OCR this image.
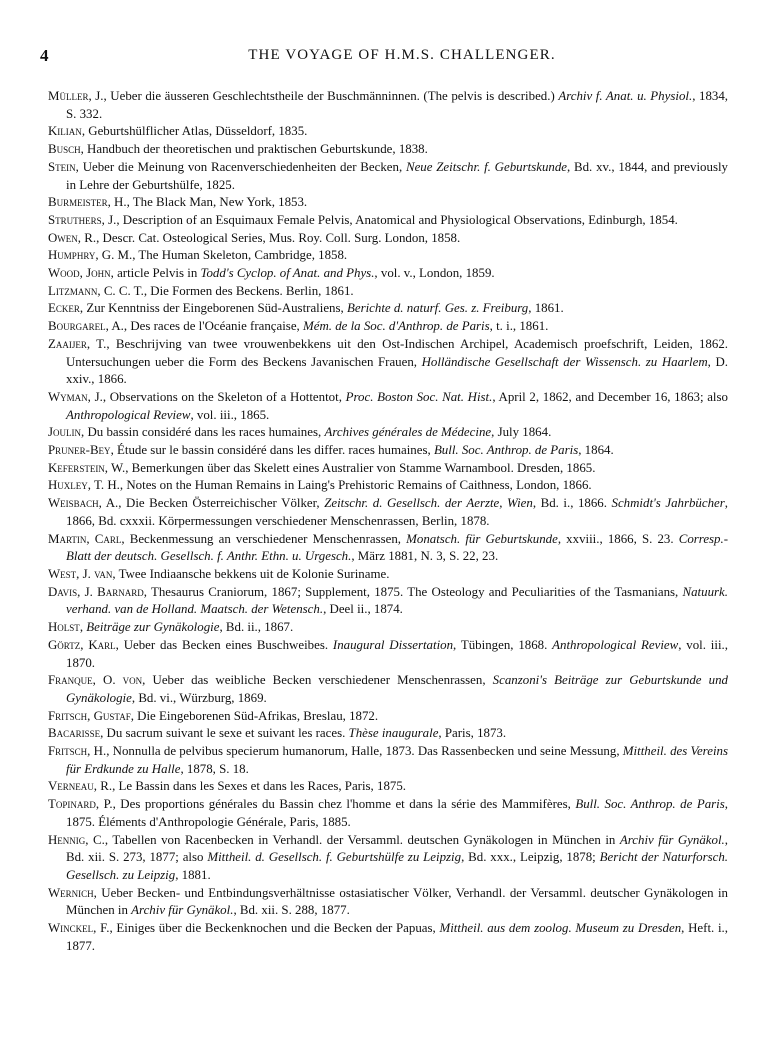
4	THE VOYAGE OF H.M.S. CHALLENGER.
Müller, J., Ueber die äusseren Geschlechtstheile der Buschmänninnen. (The pelvis is described.) Archiv f. Anat. u. Physiol., 1834, S. 332.
Kilian, Geburtshülflicher Atlas, Düsseldorf, 1835.
Busch, Handbuch der theoretischen und praktischen Geburtskunde, 1838.
Stein, Ueber die Meinung von Racenverschiedenheiten der Becken, Neue Zeitschr. f. Geburtskunde, Bd. xv., 1844, and previously in Lehre der Geburtshülfe, 1825.
Burmeister, H., The Black Man, New York, 1853.
Struthers, J., Description of an Esquimaux Female Pelvis, Anatomical and Physiological Observations, Edinburgh, 1854.
Owen, R., Descr. Cat. Osteological Series, Mus. Roy. Coll. Surg. London, 1858.
Humphry, G. M., The Human Skeleton, Cambridge, 1858.
Wood, John, article Pelvis in Todd's Cyclop. of Anat. and Phys., vol. v., London, 1859.
Litzmann, C. C. T., Die Formen des Beckens. Berlin, 1861.
Ecker, Zur Kenntniss der Eingeborenen Süd-Australiens, Berichte d. naturf. Ges. z. Freiburg, 1861.
Bourgarel, A., Des races de l'Océanie française, Mém. de la Soc. d'Anthrop. de Paris, t. i., 1861.
Zaaijer, T., Beschrijving van twee vrouwenbekkens uit den Ost-Indischen Archipel, Academisch proefschrift, Leiden, 1862. Untersuchungen ueber die Form des Beckens Javanischen Frauen, Holländische Gesellschaft der Wissensch. zu Haarlem, D. xxiv., 1866.
Wyman, J., Observations on the Skeleton of a Hottentot, Proc. Boston Soc. Nat. Hist., April 2, 1862, and December 16, 1863; also Anthropological Review, vol. iii., 1865.
Joulin, Du bassin considéré dans les races humaines, Archives générales de Médecine, July 1864.
Pruner-Bey, Étude sur le bassin considéré dans les differ. races humaines, Bull. Soc. Anthrop. de Paris, 1864.
Keferstein, W., Bemerkungen über das Skelett eines Australier von Stamme Warnambool. Dresden, 1865.
Huxley, T. H., Notes on the Human Remains in Laing's Prehistoric Remains of Caithness, London, 1866.
Weisbach, A., Die Becken Österreichischer Völker, Zeitschr. d. Gesellsch. der Aerzte, Wien, Bd. i., 1866. Schmidt's Jahrbücher, 1866, Bd. cxxxii. Körpermessungen verschiedener Menschenrassen, Berlin, 1878.
Martin, Carl, Beckenmessung an verschiedener Menschenrassen, Monatsch. für Geburtskunde, xxviii., 1866, S. 23. Corresp.-Blatt der deutsch. Gesellsch. f. Anthr. Ethn. u. Urgesch., März 1881, N. 3, S. 22, 23.
West, J. van, Twee Indiaansche bekkens uit de Kolonie Suriname.
Davis, J. Barnard, Thesaurus Craniorum, 1867; Supplement, 1875. The Osteology and Peculiarities of the Tasmanians, Natuurk. verhand. van de Holland. Maatsch. der Wetensch., Deel ii., 1874.
Holst, Beiträge zur Gynäkologie, Bd. ii., 1867.
Görtz, Karl, Ueber das Becken eines Buschweibes. Inaugural Dissertation, Tübingen, 1868. Anthropological Review, vol. iii., 1870.
Franque, O. von, Ueber das weibliche Becken verschiedener Menschenrassen, Scanzoni's Beiträge zur Geburtskunde und Gynäkologie, Bd. vi., Würzburg, 1869.
Fritsch, Gustaf, Die Eingeborenen Süd-Afrikas, Breslau, 1872.
Bacarisse, Du sacrum suivant le sexe et suivant les races. Thèse inaugurale, Paris, 1873.
Fritsch, H., Nonnulla de pelvibus specierum humanorum, Halle, 1873. Das Rassenbecken und seine Messung, Mittheil. des Vereins für Erdkunde zu Halle, 1878, S. 18.
Verneau, R., Le Bassin dans les Sexes et dans les Races, Paris, 1875.
Topinard, P., Des proportions générales du Bassin chez l'homme et dans la série des Mammifères, Bull. Soc. Anthrop. de Paris, 1875. Éléments d'Anthropologie Générale, Paris, 1885.
Hennig, C., Tabellen von Racenbecken in Verhandl. der Versamml. deutschen Gynäkologen in München in Archiv für Gynäkol., Bd. xii. S. 273, 1877; also Mittheil. d. Gesellsch. f. Geburtshülfe zu Leipzig, Bd. xxx., Leipzig, 1878; Bericht der Naturforsch. Gesellsch. zu Leipzig, 1881.
Wernich, Ueber Becken- und Entbindungsverhältnisse ostasiatischer Völker, Verhandl. der Versamml. deutscher Gynäkologen in München in Archiv für Gynäkol., Bd. xii. S. 288, 1877.
Winckel, F., Einiges über die Beckenknochen und die Becken der Papuas, Mittheil. aus dem zoolog. Museum zu Dresden, Heft. i., 1877.
